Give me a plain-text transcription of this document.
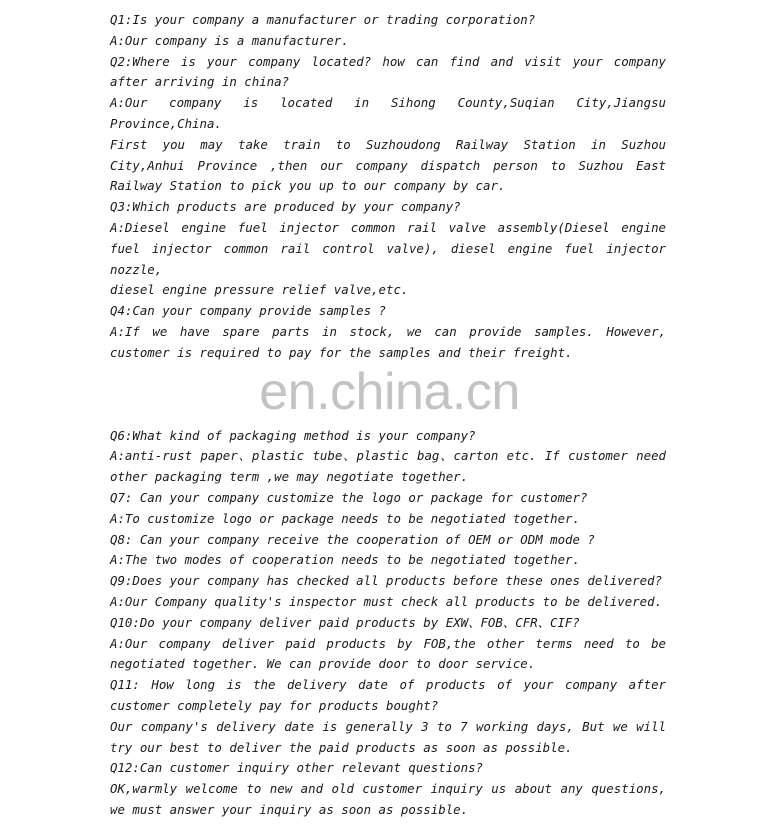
Q1:Is your company a manufacturer or trading corporation?

A:Our company is a manufacturer.

Q2:Where is your company located? how can find and visit your company after arriving in china?

A:Our company is located in Sihong County,Suqian City,Jiangsu Province,China.

First you may take train to Suzhoudong Railway Station in Suzhou City,Anhui Province ,then our company dispatch person to Suzhou East Railway Station to pick you up to our company by car.

Q3:Which products are produced by your company?

A:Diesel engine fuel injector common rail valve assembly(Diesel engine fuel injector common rail control valve), diesel engine fuel injector nozzle,

diesel engine pressure relief valve,etc.

Q4:Can your company provide samples ?

A:If we have spare parts in stock, we can provide samples. However, customer is required to pay for the samples and their freight.

Q6:What kind of packaging method is your company?

A:anti-rust paper、plastic tube、plastic bag、carton etc. If customer need other packaging term ,we may negotiate together.

Q7: Can your company customize the logo or package for customer?

A:To customize logo or package needs to be negotiated together.

Q8: Can your company receive the cooperation of OEM or ODM mode ?

A:The two modes of cooperation needs to be negotiated together.

Q9:Does your company has checked all products before these ones delivered?

A:Our Company quality's inspector must check all products to be delivered.

Q10:Do your company deliver paid products by EXW、FOB、CFR、CIF?

A:Our company deliver paid products by FOB,the other terms need to be negotiated together. We can provide door to door service.

Q11: How long is the delivery date of products of your company after customer completely pay for products bought?

Our company's delivery date is generally 3 to 7 working days, But we will try our best to deliver the paid products as soon as possible.

Q12:Can customer inquiry other relevant questions?

OK,warmly welcome to new and old customer inquiry us about any questions, we must answer your inquiry as soon as possible.

en.china.cn
